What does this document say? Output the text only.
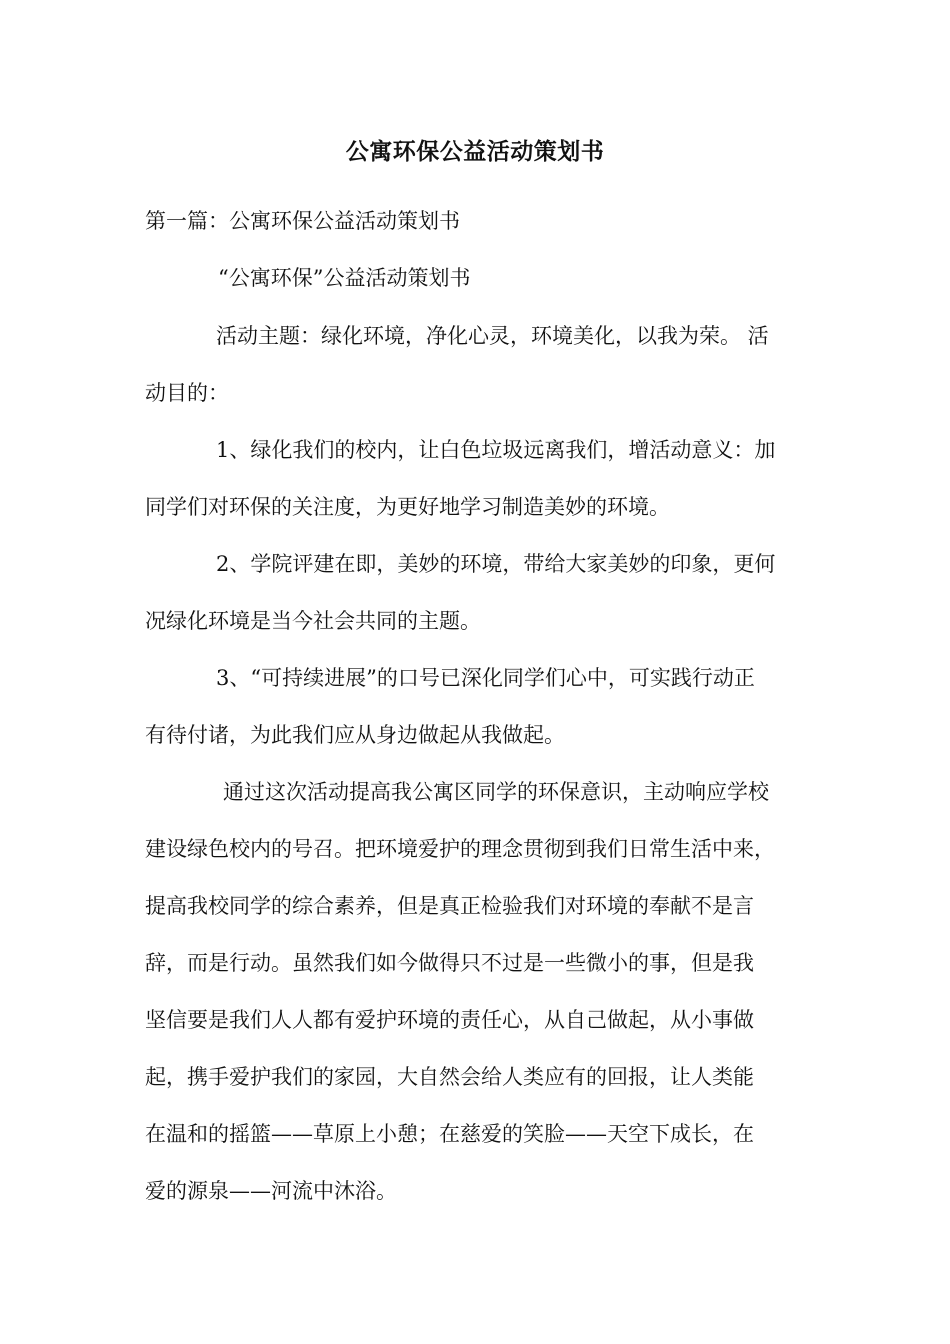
公寓环保公益活动策划书
第一篇：公寓环保公益活动策划书
“公寓环保”公益活动策划书
活动主题：绿化环境，净化心灵，环境美化，以我为荣。 活
动目的：
1、绿化我们的校内，让白色垃圾远离我们，增活动意义：加
同学们对环保的关注度，为更好地学习制造美妙的环境。
2、学院评建在即，美妙的环境，带给大家美妙的印象，更何
况绿化环境是当今社会共同的主题。
3、“可持续进展”的口号已深化同学们心中，可实践行动正
有待付诸，为此我们应从身边做起从我做起。
通过这次活动提高我公寓区同学的环保意识，主动响应学校
建设绿色校内的号召。把环境爱护的理念贯彻到我们日常生活中来，
提高我校同学的综合素养，但是真正检验我们对环境的奉献不是言
辞，而是行动。虽然我们如今做得只不过是一些微小的事，但是我
坚信要是我们人人都有爱护环境的责任心，从自己做起，从小事做
起，携手爱护我们的家园，大自然会给人类应有的回报，让人类能
在温和的摇篮——草原上小憩；在慈爱的笑脸——天空下成长，在
爱的源泉——河流中沐浴。
